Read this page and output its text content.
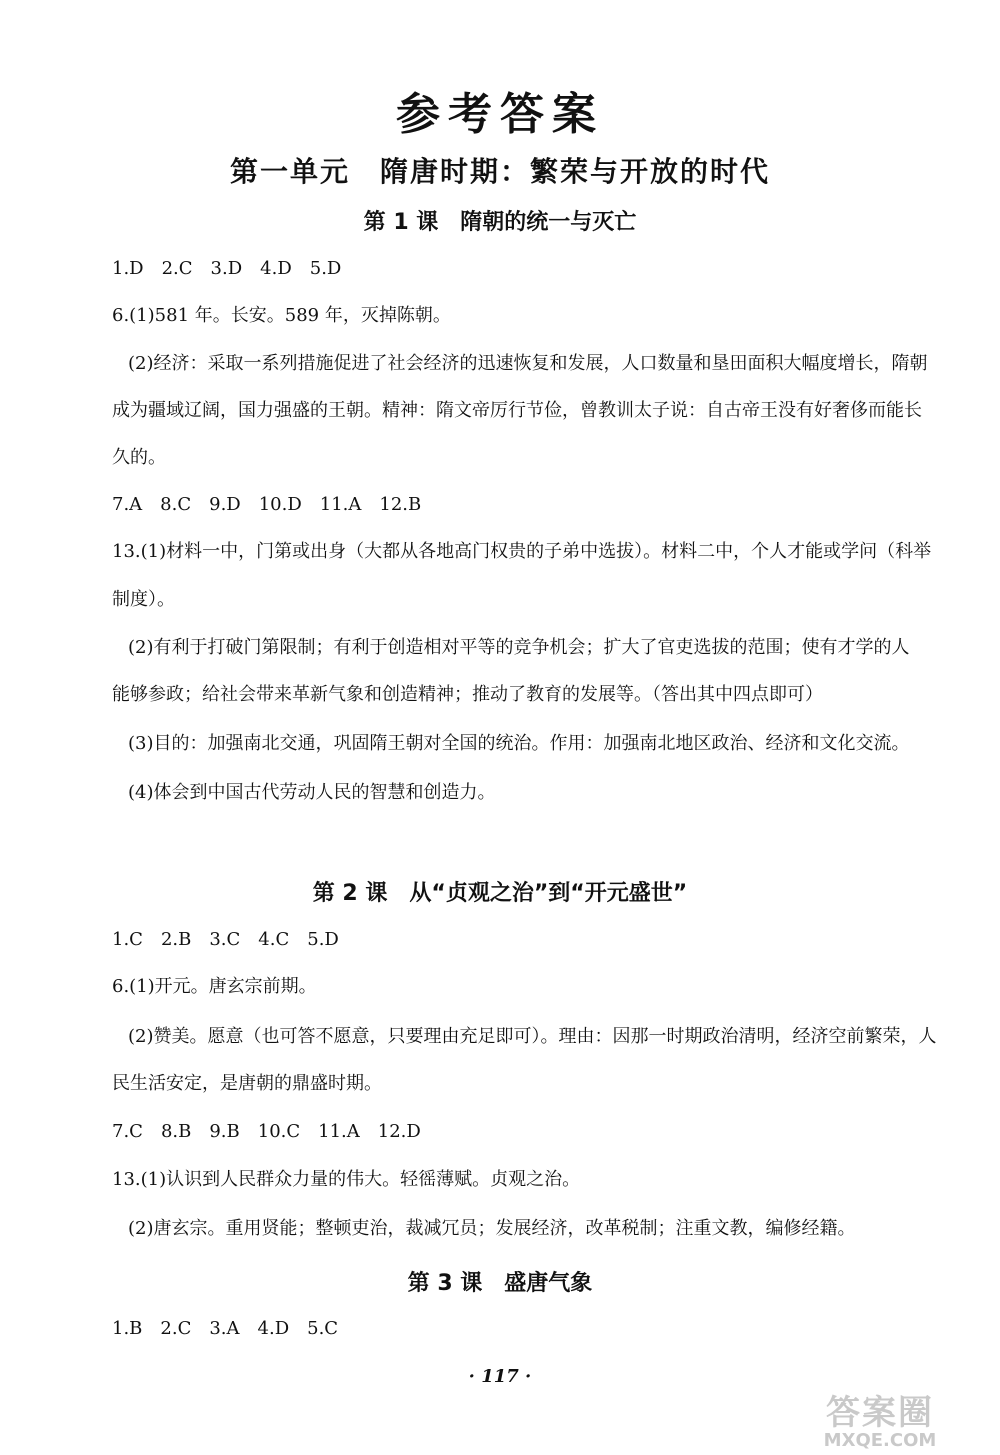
参考答案
第一单元　隋唐时期：繁荣与开放的时代
第 1 课　隋朝的统一与灭亡
1.D　2.C　3.D　4.D　5.D
6.(1)581 年。长安。589 年，灭掉陈朝。
(2)经济：采取一系列措施促进了社会经济的迅速恢复和发展，人口数量和垦田面积大幅度增长，隋朝
成为疆域辽阔，国力强盛的王朝。精神：隋文帝厉行节俭，曾教训太子说：自古帝王没有好奢侈而能长
久的。
7.A　8.C　9.D　10.D　11.A　12.B
13.(1)材料一中，门第或出身（大都从各地高门权贵的子弟中选拔）。材料二中，个人才能或学问（科举
制度）。
(2)有利于打破门第限制；有利于创造相对平等的竞争机会；扩大了官吏选拔的范围；使有才学的人
能够参政；给社会带来革新气象和创造精神；推动了教育的发展等。（答出其中四点即可）
(3)目的：加强南北交通，巩固隋王朝对全国的统治。作用：加强南北地区政治、经济和文化交流。
(4)体会到中国古代劳动人民的智慧和创造力。
第 2 课　从“贞观之治”到“开元盛世”
1.C　2.B　3.C　4.C　5.D
6.(1)开元。唐玄宗前期。
(2)赞美。愿意（也可答不愿意，只要理由充足即可）。理由：因那一时期政治清明，经济空前繁荣，人
民生活安定，是唐朝的鼎盛时期。
7.C　8.B　9.B　10.C　11.A　12.D
13.(1)认识到人民群众力量的伟大。轻徭薄赋。贞观之治。
(2)唐玄宗。重用贤能；整顿吏治，裁减冗员；发展经济，改革税制；注重文教，编修经籍。
第 3 课　盛唐气象
1.B　2.C　3.A　4.D　5.C
· 117 ·
答案圈
MXQE.COM
